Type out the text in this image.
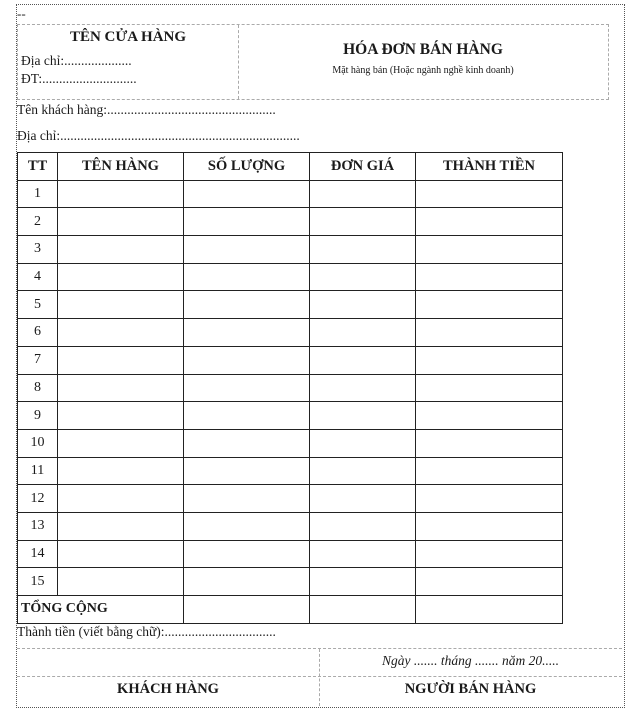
--
TÊN CỬA HÀNG
Địa chỉ:....................
ĐT:............................
HÓA ĐƠN BÁN HÀNG
Mặt hàng bán (Hoặc ngành nghề kinh doanh)
Tên khách hàng:..................................................
Địa chỉ:.......................................................................
TT	TÊN HÀNG	SỐ LƯỢNG	ĐƠN GIÁ	THÀNH TIỀN
1				
2				
3				
4				
5				
6				
7				
8				
9				
10				
11				
12				
13				
14				
15				
TỔNG CỘNG				
Thành tiền (viết bằng chữ):.................................
Ngày ....... tháng ....... năm 20.....
KHÁCH HÀNG	NGƯỜI BÁN HÀNG
